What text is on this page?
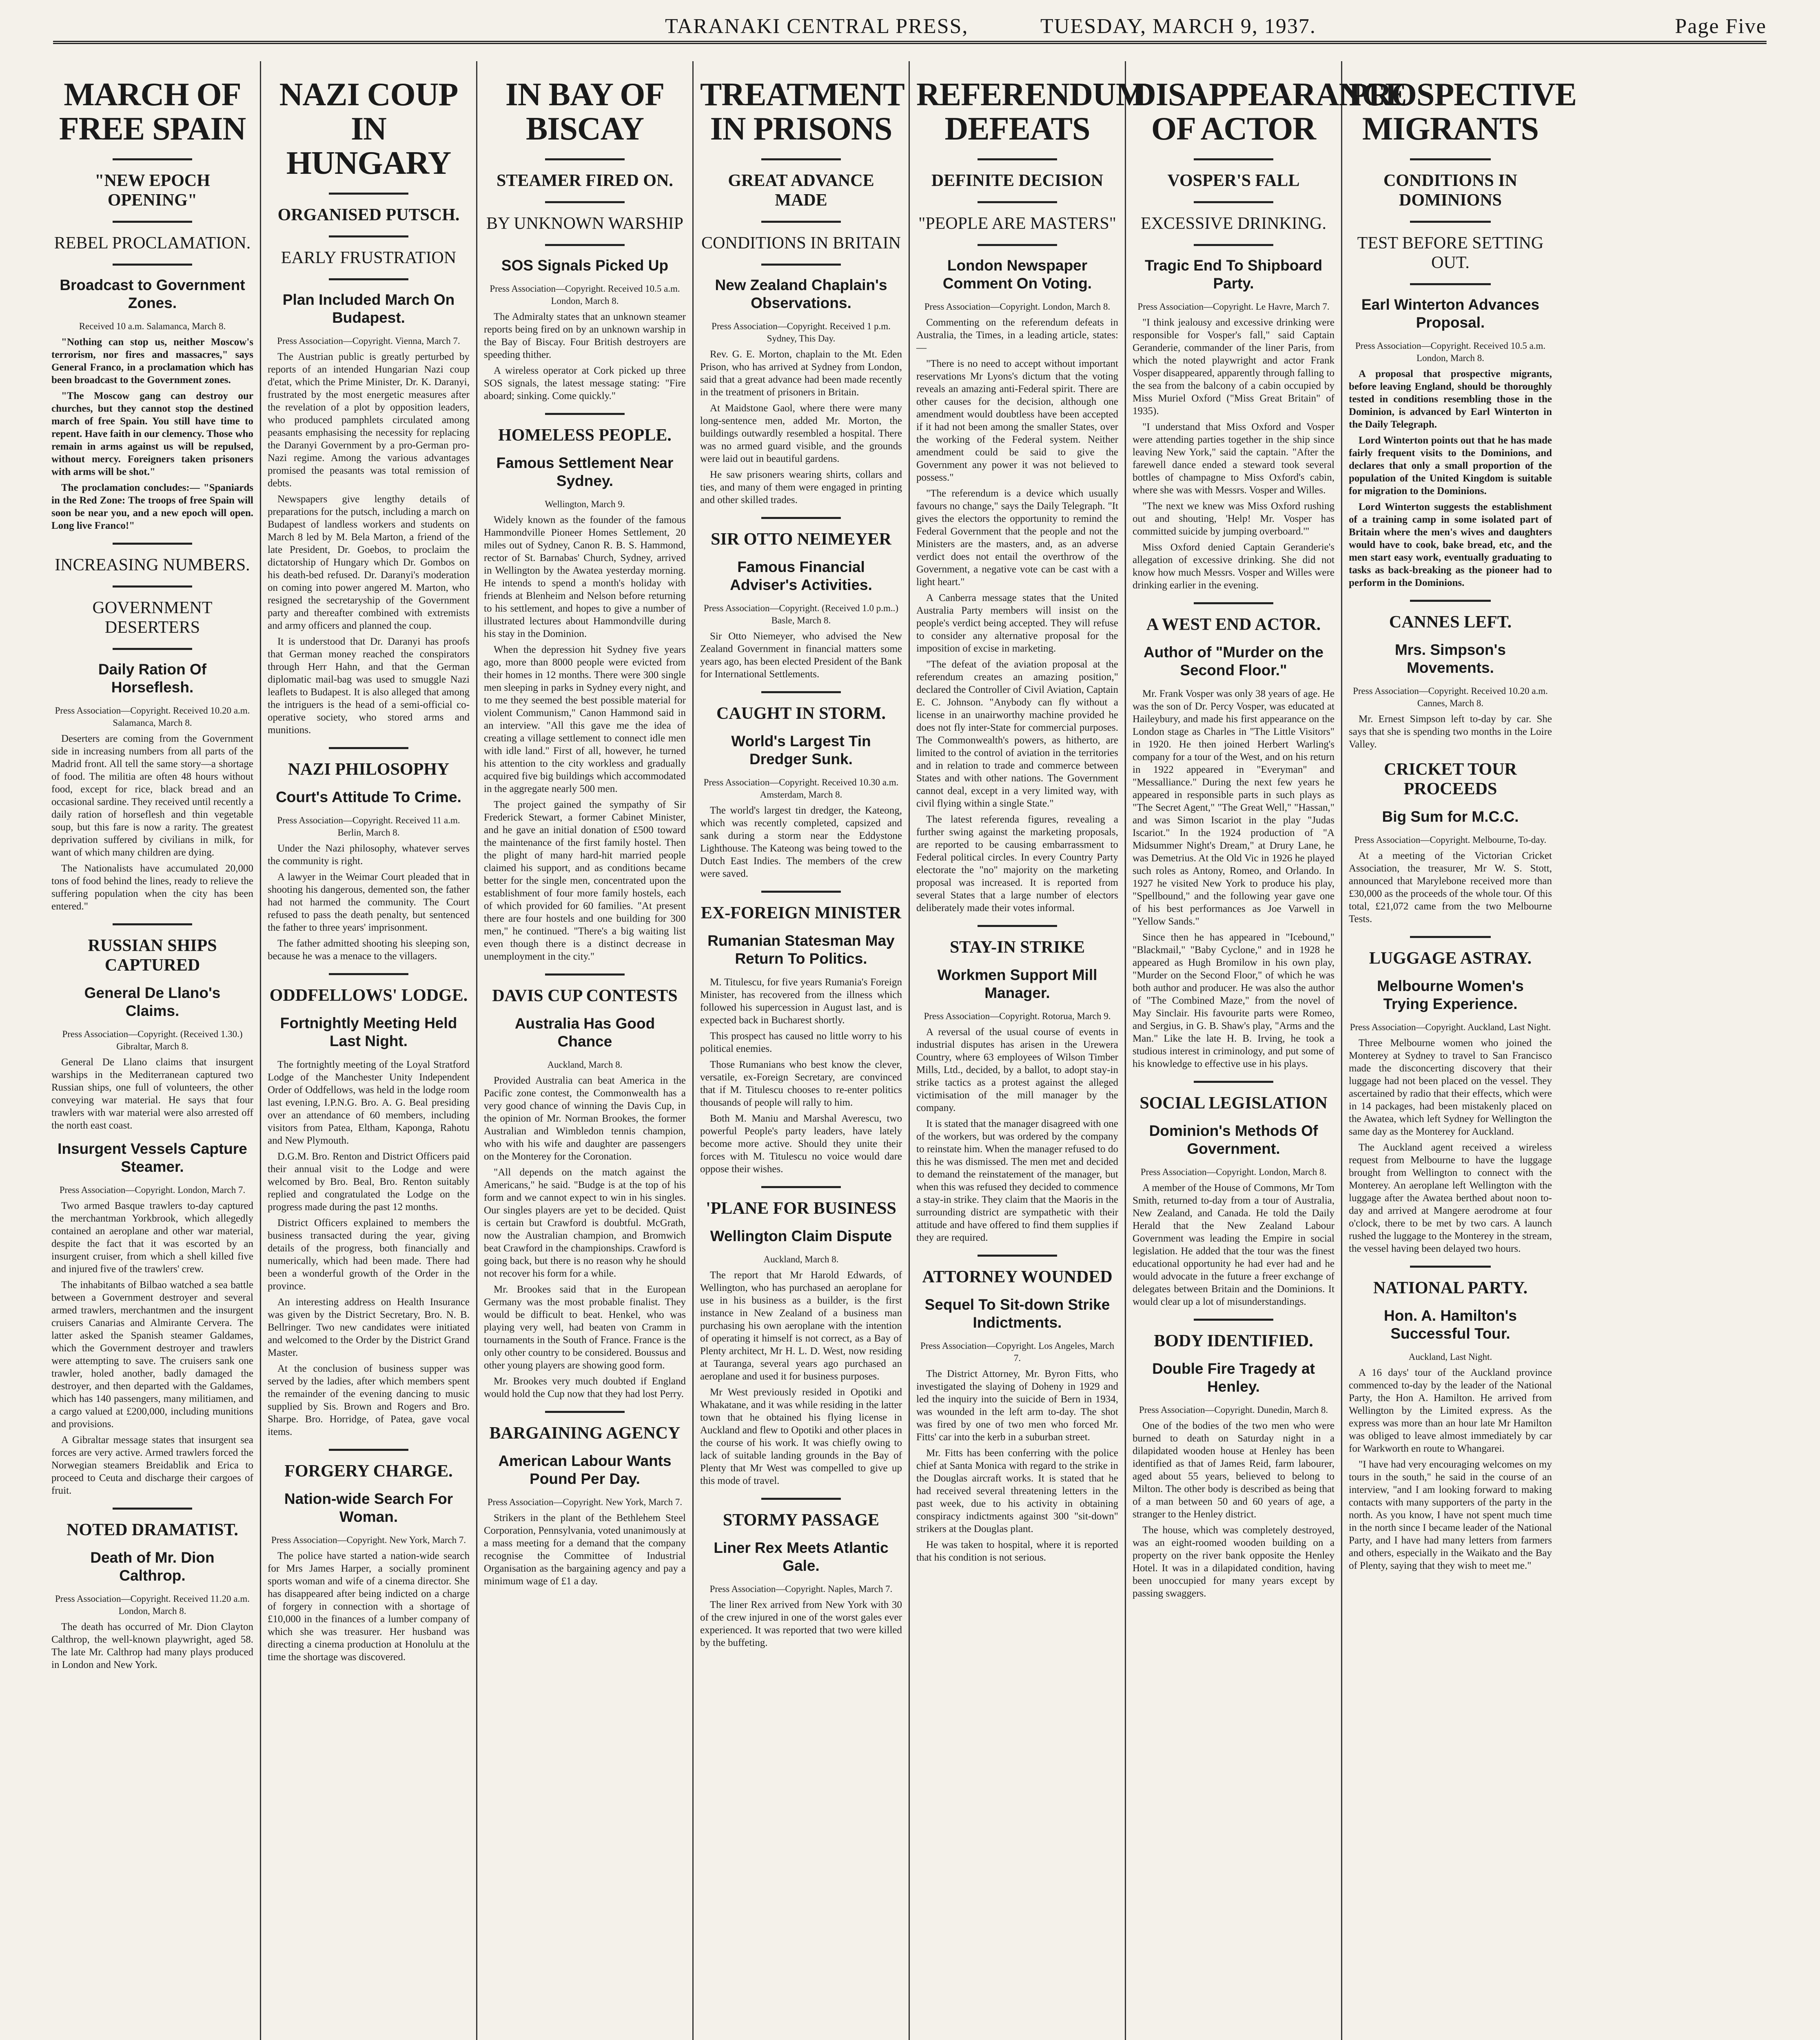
TARANAKI CENTRAL PRESS,	TUESDAY, MARCH 9, 1937.	Page Five
MARCH OF FREE SPAIN
"NEW EPOCH OPENING"
REBEL PROCLAMATION.
Broadcast to Government Zones.
Received 10 a.m. Salamanca, March 8.

"Nothing can stop us, neither Moscow's terrorism, nor fires and massacres," says General Franco, in a proclamation which has been broadcast to the Government zones.

"The Moscow gang can destroy our churches, but they cannot stop the destined march of free Spain. You still have time to repent. Have faith in our clemency. Those who remain in arms against us will be repulsed, without mercy. Foreigners taken prisoners with arms will be shot."

The proclamation concludes:— "Spaniards in the Red Zone: The troops of free Spain will soon be near you, and a new epoch will open. Long live Franco!"

INCREASING NUMBERS.
GOVERNMENT DESERTERS
Daily Ration Of Horseflesh.
Press Association—Copyright. Received 10.20 a.m. Salamanca, March 8.

Deserters are coming from the Government side in increasing numbers from all parts of the Madrid front. All tell the same story—a shortage of food. The militia are often 48 hours without food, except for rice, black bread and an occasional sardine. They received until recently a daily ration of horseflesh and thin vegetable soup, but this fare is now a rarity. The greatest deprivation suffered by civilians in milk, for want of which many children are dying.

The Nationalists have accumulated 20,000 tons of food behind the lines, ready to relieve the suffering population when the city has been entered."

RUSSIAN SHIPS CAPTURED
General De Llano's Claims.
Press Association—Copyright. (Received 1.30.) Gibraltar, March 8.

General De Llano claims that insurgent warships in the Mediterranean captured two Russian ships, one full of volunteers, the other conveying war material. He says that four trawlers with war material were also arrested off the north east coast.

Insurgent Vessels Capture Steamer.
Press Association—Copyright. London, March 7.

Two armed Basque trawlers to-day captured the merchantman Yorkbrook, which allegedly contained an aeroplane and other war material, despite the fact that it was escorted by an insurgent cruiser, from which a shell killed five and injured five of the trawlers' crew.

The inhabitants of Bilbao watched a sea battle between a Government destroyer and several armed trawlers, merchantmen and the insurgent cruisers Canarias and Almirante Cervera. The latter asked the Spanish steamer Galdames, which the Government destroyer and trawlers were attempting to save. The cruisers sank one trawler, holed another, badly damaged the destroyer, and then departed with the Galdames, which has 140 passengers, many militiamen, and a cargo valued at £200,000, including munitions and provisions.

A Gibraltar message states that insurgent sea forces are very active. Armed trawlers forced the Norwegian steamers Breidablik and Erica to proceed to Ceuta and discharge their cargoes of fruit.

NOTED DRAMATIST.
Death of Mr. Dion Calthrop.
Press Association—Copyright. Received 11.20 a.m. London, March 8.

The death has occurred of Mr. Dion Clayton Calthrop, the well-known playwright, aged 58. The late Mr. Calthrop had many plays produced in London and New York.

NAZI COUP IN HUNGARY
ORGANISED PUTSCH.
EARLY FRUSTRATION
Plan Included March On Budapest.
Press Association—Copyright. Vienna, March 7.

The Austrian public is greatly perturbed by reports of an intended Hungarian Nazi coup d'etat, which the Prime Minister, Dr. K. Daranyi, frustrated by the most energetic measures after the revelation of a plot by opposition leaders, who produced pamphlets circulated among peasants emphasising the necessity for replacing the Daranyi Government by a pro-German pro-Nazi regime. Among the various advantages promised the peasants was total remission of debts.

Newspapers give lengthy details of preparations for the putsch, including a march on Budapest of landless workers and students on March 8 led by M. Bela Marton, a friend of the late President, Dr. Goebos, to proclaim the dictatorship of Hungary which Dr. Gombos on his death-bed refused. Dr. Daranyi's moderation on coming into power angered M. Marton, who resigned the secretaryship of the Government party and thereafter combined with extremists and army officers and planned the coup.

It is understood that Dr. Daranyi has proofs that German money reached the conspirators through Herr Hahn, and that the German diplomatic mail-bag was used to smuggle Nazi leaflets to Budapest. It is also alleged that among the intriguers is the head of a semi-official co-operative society, who stored arms and munitions.

NAZI PHILOSOPHY
Court's Attitude To Crime.
Press Association—Copyright. Received 11 a.m. Berlin, March 8.

Under the Nazi philosophy, whatever serves the community is right.

A lawyer in the Weimar Court pleaded that in shooting his dangerous, demented son, the father had not harmed the community. The Court refused to pass the death penalty, but sentenced the father to three years' imprisonment.

The father admitted shooting his sleeping son, because he was a menace to the villagers.

ODDFELLOWS' LODGE.
Fortnightly Meeting Held Last Night.

The fortnightly meeting of the Loyal Stratford Lodge of the Manchester Unity Independent Order of Oddfellows, was held in the lodge room last evening, I.P.N.G. Bro. A. G. Beal presiding over an attendance of 60 members, including visitors from Patea, Eltham, Kaponga, Rahotu and New Plymouth.

D.G.M. Bro. Renton and District Officers paid their annual visit to the Lodge and were welcomed by Bro. Beal, Bro. Renton suitably replied and congratulated the Lodge on the progress made during the past 12 months.

District Officers explained to members the business transacted during the year, giving details of the progress, both financially and numerically, which had been made. There had been a wonderful growth of the Order in the province.

An interesting address on Health Insurance was given by the District Secretary, Bro. N. B. Bellringer. Two new candidates were initiated and welcomed to the Order by the District Grand Master.

At the conclusion of business supper was served by the ladies, after which members spent the remainder of the evening dancing to music supplied by Sis. Brown and Rogers and Bro. Sharpe. Bro. Horridge, of Patea, gave vocal items.

FORGERY CHARGE.
Nation-wide Search For Woman.
Press Association—Copyright. New York, March 7.

The police have started a nation-wide search for Mrs James Harper, a socially prominent sports woman and wife of a cinema director. She has disappeared after being indicted on a charge of forgery in connection with a shortage of £10,000 in the finances of a lumber company of which she was treasurer. Her husband was directing a cinema production at Honolulu at the time the shortage was discovered.

IN BAY OF BISCAY
STEAMER FIRED ON.
BY UNKNOWN WARSHIP
SOS Signals Picked Up
Press Association—Copyright. Received 10.5 a.m. London, March 8.

The Admiralty states that an unknown steamer reports being fired on by an unknown warship in the Bay of Biscay. Four British destroyers are speeding thither.

A wireless operator at Cork picked up three SOS signals, the latest message stating: "Fire aboard; sinking. Come quickly."

HOMELESS PEOPLE.
Famous Settlement Near Sydney.
Wellington, March 9.

Widely known as the founder of the famous Hammondville Pioneer Homes Settlement, 20 miles out of Sydney, Canon R. B. S. Hammond, rector of St. Barnabas' Church, Sydney, arrived in Wellington by the Awatea yesterday morning. He intends to spend a month's holiday with friends at Blenheim and Nelson before returning to his settlement, and hopes to give a number of illustrated lectures about Hammondville during his stay in the Dominion.

When the depression hit Sydney five years ago, more than 8000 people were evicted from their homes in 12 months. There were 300 single men sleeping in parks in Sydney every night, and to me they seemed the best possible material for violent Communism," Canon Hammond said in an interview. "All this gave me the idea of creating a village settlement to connect idle men with idle land." First of all, however, he turned his attention to the city workless and gradually acquired five big buildings which accommodated in the aggregate nearly 500 men.

The project gained the sympathy of Sir Frederick Stewart, a former Cabinet Minister, and he gave an initial donation of £500 toward the maintenance of the first family hostel. Then the plight of many hard-hit married people claimed his support, and as conditions became better for the single men, concentrated upon the establishment of four more family hostels, each of which provided for 60 families. "At present there are four hostels and one building for 300 men," he continued. "There's a big waiting list even though there is a distinct decrease in unemployment in the city."

DAVIS CUP CONTESTS
Australia Has Good Chance
Auckland, March 8.

Provided Australia can beat America in the Pacific zone contest, the Commonwealth has a very good chance of winning the Davis Cup, in the opinion of Mr. Norman Brookes, the former Australian and Wimbledon tennis champion, who with his wife and daughter are passengers on the Monterey for the Coronation.

"All depends on the match against the Americans," he said. "Budge is at the top of his form and we cannot expect to win in his singles. Our singles players are yet to be decided. Quist is certain but Crawford is doubtful. McGrath, now the Australian champion, and Bromwich beat Crawford in the championships. Crawford is going back, but there is no reason why he should not recover his form for a while.

Mr. Brookes said that in the European Germany was the most probable finalist. They would be difficult to beat. Henkel, who was playing very well, had beaten von Cramm in tournaments in the South of France. France is the only other country to be considered. Boussus and other young players are showing good form.

Mr. Brookes very much doubted if England would hold the Cup now that they had lost Perry.

BARGAINING AGENCY
American Labour Wants Pound Per Day.
Press Association—Copyright. New York, March 7.

Strikers in the plant of the Bethlehem Steel Corporation, Pennsylvania, voted unanimously at a mass meeting for a demand that the company recognise the Committee of Industrial Organisation as the bargaining agency and pay a minimum wage of £1 a day.

TREATMENT IN PRISONS
GREAT ADVANCE MADE
CONDITIONS IN BRITAIN
New Zealand Chaplain's Observations.
Press Association—Copyright. Received 1 p.m. Sydney, This Day.

Rev. G. E. Morton, chaplain to the Mt. Eden Prison, who has arrived at Sydney from London, said that a great advance had been made recently in the treatment of prisoners in Britain.

At Maidstone Gaol, where there were many long-sentence men, added Mr. Morton, the buildings outwardly resembled a hospital. There was no armed guard visible, and the grounds were laid out in beautiful gardens.

He saw prisoners wearing shirts, collars and ties, and many of them were engaged in printing and other skilled trades.

SIR OTTO NEIMEYER
Famous Financial Adviser's Activities.
Press Association—Copyright. (Received 1.0 p.m..) Basle, March 8.

Sir Otto Niemeyer, who advised the New Zealand Government in financial matters some years ago, has been elected President of the Bank for International Settlements.

CAUGHT IN STORM.
World's Largest Tin Dredger Sunk.
Press Association—Copyright. Received 10.30 a.m. Amsterdam, March 8.

The world's largest tin dredger, the Kateong, which was recently completed, capsized and sank during a storm near the Eddystone Lighthouse. The Kateong was being towed to the Dutch East Indies. The members of the crew were saved.

EX-FOREIGN MINISTER
Rumanian Statesman May Return To Politics.

M. Titulescu, for five years Rumania's Foreign Minister, has recovered from the illness which followed his supercession in August last, and is expected back in Bucharest shortly.

This prospect has caused no little worry to his political enemies.

Those Rumanians who best know the clever, versatile, ex-Foreign Secretary, are convinced that if M. Titulescu chooses to re-enter politics thousands of people will rally to him.

Both M. Maniu and Marshal Averescu, two powerful People's party leaders, have lately become more active. Should they unite their forces with M. Titulescu no voice would dare oppose their wishes.

'PLANE FOR BUSINESS
Wellington Claim Dispute
Auckland, March 8.

The report that Mr Harold Edwards, of Wellington, who has purchased an aeroplane for use in his business as a builder, is the first instance in New Zealand of a business man purchasing his own aeroplane with the intention of operating it himself is not correct, as a Bay of Plenty architect, Mr H. L. D. West, now residing at Tauranga, several years ago purchased an aeroplane and used it for business purposes.

Mr West previously resided in Opotiki and Whakatane, and it was while residing in the latter town that he obtained his flying license in Auckland and flew to Opotiki and other places in the course of his work. It was chiefly owing to lack of suitable landing grounds in the Bay of Plenty that Mr West was compelled to give up this mode of travel.

STORMY PASSAGE
Liner Rex Meets Atlantic Gale.
Press Association—Copyright. Naples, March 7.

The liner Rex arrived from New York with 30 of the crew injured in one of the worst gales ever experienced. It was reported that two were killed by the buffeting.

REFERENDUM DEFEATS
DEFINITE DECISION
"PEOPLE ARE MASTERS"
London Newspaper Comment On Voting.
Press Association—Copyright. London, March 8.

Commenting on the referendum defeats in Australia, the Times, in a leading article, states:—

"There is no need to accept without important reservations Mr Lyons's dictum that the voting reveals an amazing anti-Federal spirit. There are other causes for the decision, although one amendment would doubtless have been accepted if it had not been among the smaller States, over the working of the Federal system. Neither amendment could be said to give the Government any power it was not believed to possess."

"The referendum is a device which usually favours no change," says the Daily Telegraph. "It gives the electors the opportunity to remind the Federal Government that the people and not the Ministers are the masters, and, as an adverse verdict does not entail the overthrow of the Government, a negative vote can be cast with a light heart."

A Canberra message states that the United Australia Party members will insist on the people's verdict being accepted. They will refuse to consider any alternative proposal for the imposition of excise in marketing.

"The defeat of the aviation proposal at the referendum creates an amazing position," declared the Controller of Civil Aviation, Captain E. C. Johnson. "Anybody can fly without a license in an unairworthy machine provided he does not fly inter-State for commercial purposes. The Commonwealth's powers, as hitherto, are limited to the control of aviation in the territories and in relation to trade and commerce between States and with other nations. The Government cannot deal, except in a very limited way, with civil flying within a single State."

The latest referenda figures, revealing a further swing against the marketing proposals, are reported to be causing embarrassment to Federal political circles. In every Country Party electorate the "no" majority on the marketing proposal was increased. It is reported from several States that a large number of electors deliberately made their votes informal.

STAY-IN STRIKE
Workmen Support Mill Manager.
Press Association—Copyright. Rotorua, March 9.

A reversal of the usual course of events in industrial disputes has arisen in the Urewera Country, where 63 employees of Wilson Timber Mills, Ltd., decided, by a ballot, to adopt stay-in strike tactics as a protest against the alleged victimisation of the mill manager by the company.

It is stated that the manager disagreed with one of the workers, but was ordered by the company to reinstate him. When the manager refused to do this he was dismissed. The men met and decided to demand the reinstatement of the manager, but when this was refused they decided to commence a stay-in strike. They claim that the Maoris in the surrounding district are sympathetic with their attitude and have offered to find them supplies if they are required.

ATTORNEY WOUNDED
Sequel To Sit-down Strike Indictments.
Press Association—Copyright. Los Angeles, March 7.

The District Attorney, Mr. Byron Fitts, who investigated the slaying of Doheny in 1929 and led the inquiry into the suicide of Bern in 1934, was wounded in the left arm to-day. The shot was fired by one of two men who forced Mr. Fitts' car into the kerb in a suburban street.

Mr. Fitts has been conferring with the police chief at Santa Monica with regard to the strike in the Douglas aircraft works. It is stated that he had received several threatening letters in the past week, due to his activity in obtaining conspiracy indictments against 300 "sit-down" strikers at the Douglas plant.

He was taken to hospital, where it is reported that his condition is not serious.

DISAPPEARANCE OF ACTOR
VOSPER'S FALL
EXCESSIVE DRINKING.
Tragic End To Shipboard Party.
Press Association—Copyright. Le Havre, March 7.

"I think jealousy and excessive drinking were responsible for Vosper's fall," said Captain Geranderie, commander of the liner Paris, from which the noted playwright and actor Frank Vosper disappeared, apparently through falling to the sea from the balcony of a cabin occupied by Miss Muriel Oxford ("Miss Great Britain" of 1935).

"I understand that Miss Oxford and Vosper were attending parties together in the ship since leaving New York," said the captain. "After the farewell dance ended a steward took several bottles of champagne to Miss Oxford's cabin, where she was with Messrs. Vosper and Willes.

"The next we knew was Miss Oxford rushing out and shouting, 'Help! Mr. Vosper has committed suicide by jumping overboard.'"

Miss Oxford denied Captain Geranderie's allegation of excessive drinking. She did not know how much Messrs. Vosper and Willes were drinking earlier in the evening.

A WEST END ACTOR.
Author of "Murder on the Second Floor."

Mr. Frank Vosper was only 38 years of age. He was the son of Dr. Percy Vosper, was educated at Haileybury, and made his first appearance on the London stage as Charles in "The Little Visitors" in 1920. He then joined Herbert Warling's company for a tour of the West, and on his return in 1922 appeared in "Everyman" and "Messalliance." During the next few years he appeared in responsible parts in such plays as "The Secret Agent," "The Great Well," "Hassan," and was Simon Iscariot in the play "Judas Iscariot." In the 1924 production of "A Midsummer Night's Dream," at Drury Lane, he was Demetrius. At the Old Vic in 1926 he played such roles as Antony, Romeo, and Orlando. In 1927 he visited New York to produce his play, "Spellbound," and the following year gave one of his best performances as Joe Varwell in "Yellow Sands."

Since then he has appeared in "Icebound," "Blackmail," "Baby Cyclone," and in 1928 he appeared as Hugh Bromilow in his own play, "Murder on the Second Floor," of which he was both author and producer. He was also the author of "The Combined Maze," from the novel of May Sinclair. His favourite parts were Romeo, and Sergius, in G. B. Shaw's play, "Arms and the Man." Like the late H. B. Irving, he took a studious interest in criminology, and put some of his knowledge to effective use in his plays.

SOCIAL LEGISLATION
Dominion's Methods Of Government.
Press Association—Copyright. London, March 8.

A member of the House of Commons, Mr Tom Smith, returned to-day from a tour of Australia, New Zealand, and Canada. He told the Daily Herald that the New Zealand Labour Government was leading the Empire in social legislation. He added that the tour was the finest educational opportunity he had ever had and he would advocate in the future a freer exchange of delegates between Britain and the Dominions. It would clear up a lot of misunderstandings.

BODY IDENTIFIED.
Double Fire Tragedy at Henley.
Press Association—Copyright. Dunedin, March 8.

One of the bodies of the two men who were burned to death on Saturday night in a dilapidated wooden house at Henley has been identified as that of James Reid, farm labourer, aged about 55 years, believed to belong to Milton. The other body is described as being that of a man between 50 and 60 years of age, a stranger to the Henley district.

The house, which was completely destroyed, was an eight-roomed wooden building on a property on the river bank opposite the Henley Hotel. It was in a dilapidated condition, having been unoccupied for many years except by passing swaggers.

PROSPECTIVE MIGRANTS
CONDITIONS IN DOMINIONS
TEST BEFORE SETTING OUT.
Earl Winterton Advances Proposal.
Press Association—Copyright. Received 10.5 a.m. London, March 8.

A proposal that prospective migrants, before leaving England, should be thoroughly tested in conditions resembling those in the Dominion, is advanced by Earl Winterton in the Daily Telegraph.

Lord Winterton points out that he has made fairly frequent visits to the Dominions, and declares that only a small proportion of the population of the United Kingdom is suitable for migration to the Dominions.

Lord Winterton suggests the establishment of a training camp in some isolated part of Britain where the men's wives and daughters would have to cook, bake bread, etc, and the men start easy work, eventually graduating to tasks as back-breaking as the pioneer had to perform in the Dominions.

CANNES LEFT.
Mrs. Simpson's Movements.
Press Association—Copyright. Received 10.20 a.m. Cannes, March 8.

Mr. Ernest Simpson left to-day by car. She says that she is spending two months in the Loire Valley.

CRICKET TOUR PROCEEDS
Big Sum for M.C.C.
Press Association—Copyright. Melbourne, To-day.

At a meeting of the Victorian Cricket Association, the treasurer, Mr W. S. Stott, announced that Marylebone received more than £30,000 as the proceeds of the whole tour. Of this total, £21,072 came from the two Melbourne Tests.

LUGGAGE ASTRAY.
Melbourne Women's Trying Experience.
Press Association—Copyright. Auckland, Last Night.

Three Melbourne women who joined the Monterey at Sydney to travel to San Francisco made the disconcerting discovery that their luggage had not been placed on the vessel. They ascertained by radio that their effects, which were in 14 packages, had been mistakenly placed on the Awatea, which left Sydney for Wellington the same day as the Monterey for Auckland.

The Auckland agent received a wireless request from Melbourne to have the luggage brought from Wellington to connect with the Monterey. An aeroplane left Wellington with the luggage after the Awatea berthed about noon to-day and arrived at Mangere aerodrome at four o'clock, there to be met by two cars. A launch rushed the luggage to the Monterey in the stream, the vessel having been delayed two hours.

NATIONAL PARTY.
Hon. A. Hamilton's Successful Tour.
Auckland, Last Night.

A 16 days' tour of the Auckland province commenced to-day by the leader of the National Party, the Hon A. Hamilton. He arrived from Wellington by the Limited express. As the express was more than an hour late Mr Hamilton was obliged to leave almost immediately by car for Warkworth en route to Whangarei.

"I have had very encouraging welcomes on my tours in the south," he said in the course of an interview, "and I am looking forward to making contacts with many supporters of the party in the north. As you know, I have not spent much time in the north since I became leader of the National Party, and I have had many letters from farmers and others, especially in the Waikato and the Bay of Plenty, saying that they wish to meet me."
